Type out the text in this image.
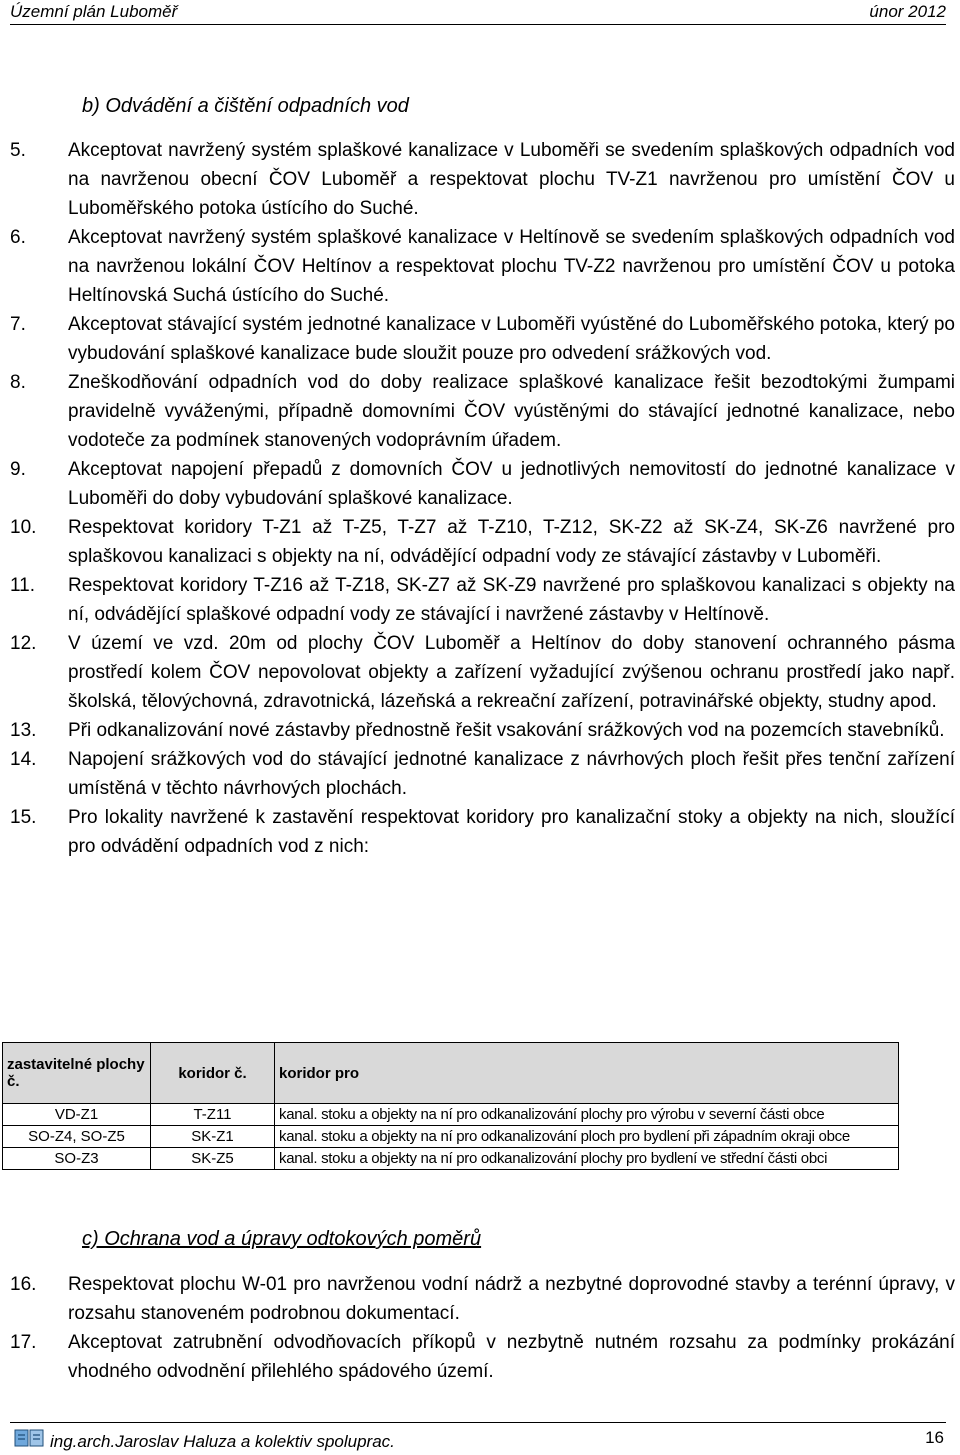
Územní plán Luboměř	únor 2012
b) Odvádění a čištění odpadních vod

5. Akceptovat navržený systém splaškové kanalizace v Luboměři se svedením splaškových odpadních vod na navrženou obecní ČOV Luboměř a respektovat plochu TV-Z1 navrženou pro umístění ČOV u Luboměřského potoka ústícího do Suché.

6. Akceptovat navržený systém splaškové kanalizace v Heltínově se svedením splaškových odpadních vod na navrženou lokální ČOV Heltínov a respektovat plochu TV-Z2 navrženou pro umístění ČOV u potoka Heltínovská Suchá ústícího do Suché.

7. Akceptovat stávající systém jednotné kanalizace v Luboměři vyústěné do Luboměřského potoka, který po vybudování splaškové kanalizace bude sloužit pouze pro odvedení srážkových vod.

8. Zneškodňování odpadních vod do doby realizace splaškové kanalizace řešit bezodtokými žumpami pravidelně vyváženými, případně domovními ČOV vyústěnými do stávající jednotné kanalizace, nebo vodoteče za podmínek stanovených vodoprávním úřadem.

9. Akceptovat napojení přepadů z domovních ČOV u jednotlivých nemovitostí do jednotné kanalizace v Luboměři do doby vybudování splaškové kanalizace.

10. Respektovat koridory T-Z1 až T-Z5, T-Z7 až T-Z10, T-Z12, SK-Z2 až SK-Z4, SK-Z6 navržené pro splaškovou kanalizaci s objekty na ní, odvádějící odpadní vody ze stávající zástavby v Luboměři.

11. Respektovat koridory T-Z16 až T-Z18, SK-Z7 až SK-Z9 navržené pro splaškovou kanalizaci s objekty na ní, odvádějící splaškové odpadní vody ze stávající i navržené zástavby v Heltínově.

12. V území ve vzd. 20m od plochy ČOV Luboměř a Heltínov do doby stanovení ochranného pásma prostředí kolem ČOV nepovolovat objekty a zařízení vyžadující zvýšenou ochranu prostředí jako např. školská, tělovýchovná, zdravotnická, lázeňská a rekreační zařízení, potravinářské objekty, studny apod.

13. Při odkanalizování nové zástavby přednostně řešit vsakování srážkových vod na pozemcích stavebníků.

14. Napojení srážkových vod do stávající jednotné kanalizace z návrhových ploch řešit přes tenční zařízení umístěná v těchto návrhových plochách.

15. Pro lokality navržené k zastavění respektovat koridory pro kanalizační stoky a objekty na nich, sloužící pro odvádění odpadních vod z nich:

zastavitelné plochy č.	koridor č.	koridor pro
VD-Z1	T-Z11	kanal. stoku a objekty na ní pro odkanalizování plochy pro výrobu v severní části obce
SO-Z4, SO-Z5	SK-Z1	kanal. stoku a objekty na ní pro odkanalizování ploch pro bydlení při západním okraji obce
SO-Z3	SK-Z5	kanal. stoku a objekty na ní pro odkanalizování plochy pro bydlení ve střední části obci
c) Ochrana vod a úpravy odtokových poměrů

16. Respektovat plochu W-01 pro navrženou vodní nádrž a nezbytné doprovodné stavby a terénní úpravy, v rozsahu stanoveném podrobnou dokumentací.

17. Akceptovat zatrubnění odvodňovacích příkopů v nezbytně nutném rozsahu za podmínky prokázání vhodného odvodnění přilehlého spádového území.

ing.arch.Jaroslav Haluza a kolektiv spoluprac.	16
